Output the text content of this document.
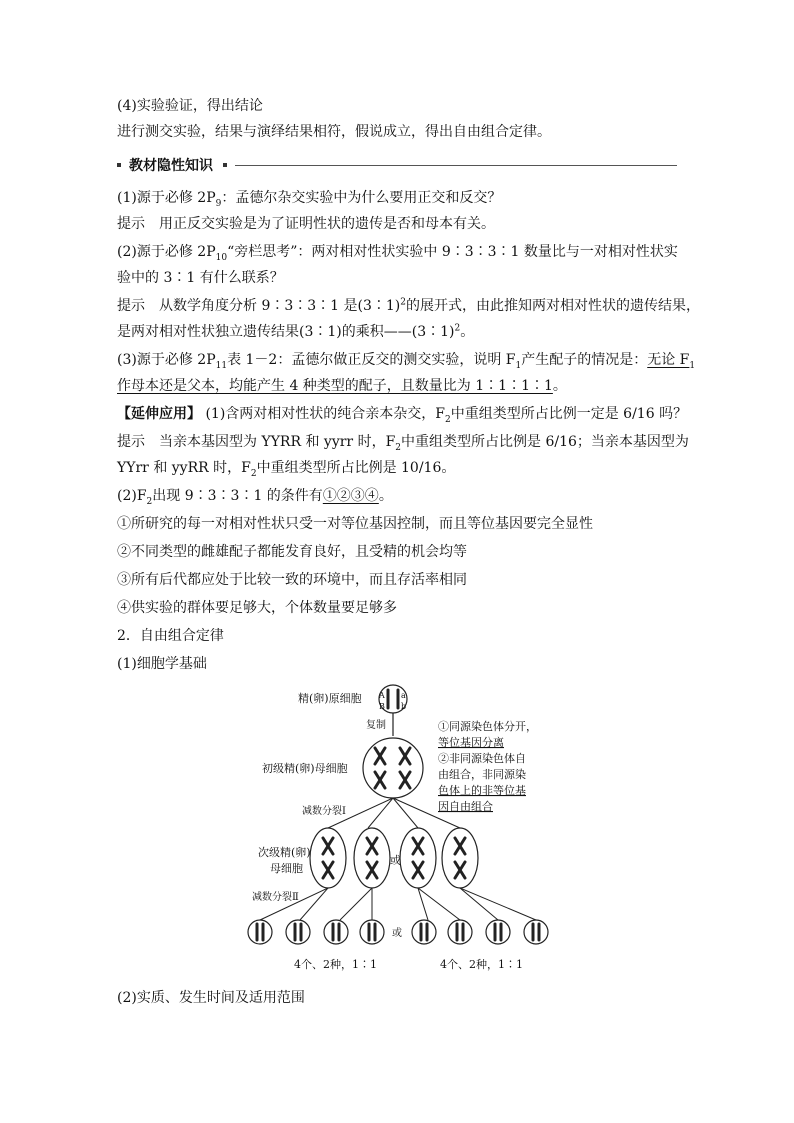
(4)实验验证，得出结论
进行测交实验，结果与演绎结果相符，假说成立，得出自由组合定律。
教材隐性知识
(1)源于必修 $2P_9$：孟德尔杂交实验中为什么要用正交和反交？
提示　用正反交实验是为了证明性状的遗传是否和母本有关。
(2)源于必修 $2P_{10}“$旁栏思考”：两对相对性状实验中 9∶3∶3∶1 数量比与一对相对性状实
验中的 3∶1 有什么联系？
提示　从数学角度分析 9∶3∶3∶1 是(3∶1)$^2$的展开式，由此推知两对相对性状的遗传结果，
是两对相对性状独立遗传结果(3∶1)的乘积——(3∶1)$^2$。
(3)源于必修 $2P_{11}$表 1－2：孟德尔做正反交的测交实验，说明 $F_1$产生配子的情况是：无论 $F_1$
作母本还是父本，均能产生 4 种类型的配子，且数量比为 1∶1∶1∶1。
【延伸应用】 (1)含两对相对性状的纯合亲本杂交，$F_2$中重组类型所占比例一定是 6/16 吗？
提示　当亲本基因型为 YYRR 和 yyrr 时，$F_2$中重组类型所占比例是 6/16；当亲本基因型为
YYrr 和 yyRR 时，$F_2$中重组类型所占比例是 10/16。
$(2)F_2$出现 9∶3∶3∶1 的条件有①②③④。
①所研究的每一对相对性状只受一对等位基因控制，而且等位基因要完全显性
②不同类型的雌雄配子都能发育良好，且受精的机会均等
③所有后代都应处于比较一致的环境中，而且存活率相同
④供实验的群体要足够大，个体数量要足够多
2．自由组合定律
(1)细胞学基础
精(卵)原细胞 A a
B b
复制
初级精(卵)母细胞
①同源染色体分开，
等位基因分离
②非同源染色体自
由组合，非同源染
色体上的非等位基
因自由组合
减数分裂Ⅰ
次级精(卵)
母细胞
或
减数分裂Ⅱ
或
4个、2种，1∶1	4个、2种，1∶1
(2)实质、发生时间及适用范围
